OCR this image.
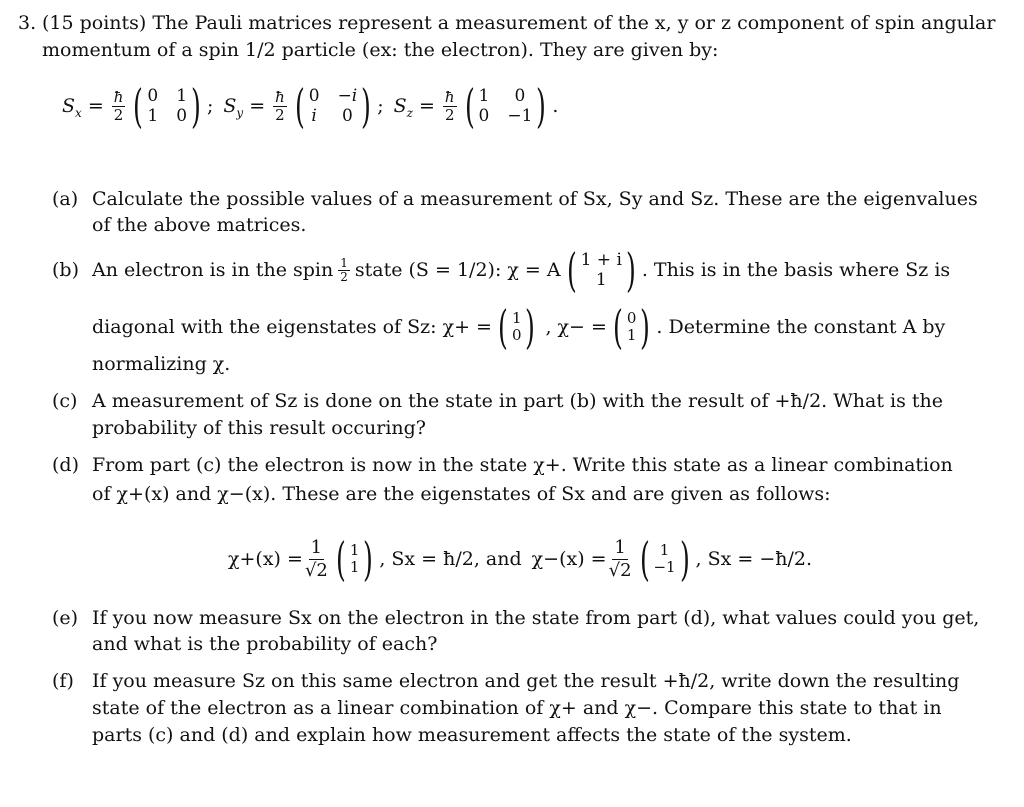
3. (15 points) The Pauli matrices represent a measurement of the x, y or z component of spin angular
momentum of a spin 1/2 particle (ex: the electron). They are given by:
$S_x = \frac{ħ}{2}$ ( 0 1
1 0 ) ; $S_y = \frac{ħ}{2}$ ( 0 −i
i 0 ) ; $S_z = \frac{ħ}{2}$ ( 1	0
0 −1 ) .
(a) Calculate the possible values of a measurement of Sx, Sy and Sz. These are the eigenvalues
of the above matrices.
(b) An electron is in the spin $\frac{1}{2}$ state (S = 1/2): χ = A ( 1 + i
1 ) . This is in the basis where Sz is
diagonal with the eigenstates of Sz: χ+ = ( 1
0 ) , χ− = ( 0
1 ) . Determine the constant A by
normalizing χ.
(c) A measurement of Sz is done on the state in part (b) with the result of +ħ/2. What is the
probability of this result occuring?
(d) From part (c) the electron is now in the state χ+. Write this state as a linear combination
of χ+(x) and χ−(x). These are the eigenstates of Sx and are given as follows:
$\chi+(x) = \frac{1}{√2}$ ( 1
1 ) , Sx = ħ/2, and $\chi-(x) = \frac{1}{√2}$ ( 1
−1 ) , Sx = −ħ/2.
(e) If you now measure Sx on the electron in the state from part (d), what values could you get,
and what is the probability of each?
(f) If you measure Sz on this same electron and get the result +ħ/2, write down the resulting
state of the electron as a linear combination of χ+ and χ−. Compare this state to that in
parts (c) and (d) and explain how measurement affects the state of the system.
